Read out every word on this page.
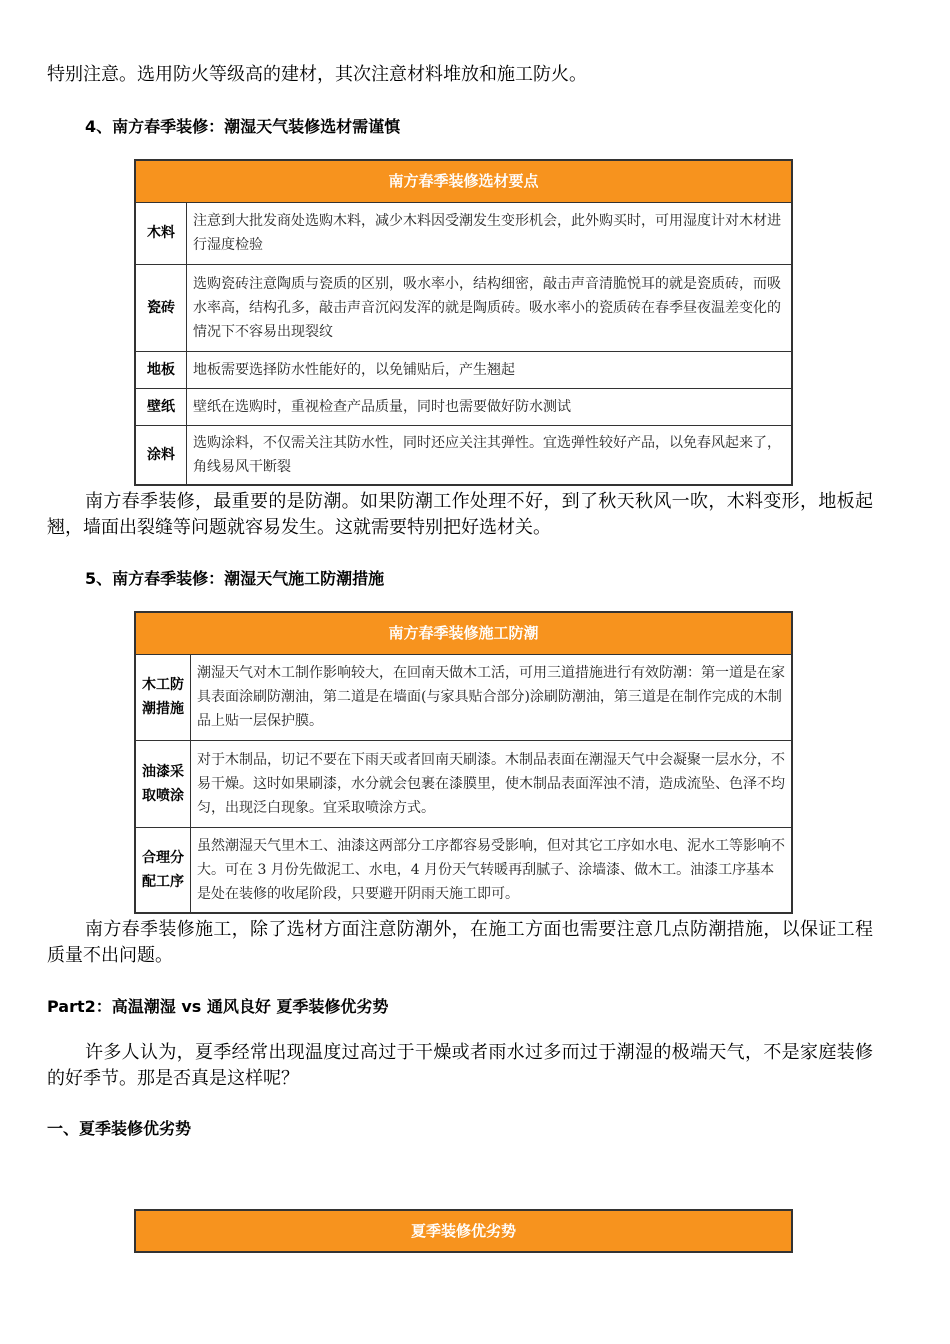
特别注意。选用防火等级高的建材，其次注意材料堆放和施工防火。
4、南方春季装修：潮湿天气装修选材需谨慎
南方春季装修选材要点	
木料	注意到大批发商处选购木料，减少木料因受潮发生变形机会，此外购买时，可用湿度计对木材进行湿度检验
瓷砖	选购瓷砖注意陶质与瓷质的区别，吸水率小，结构细密，敲击声音清脆悦耳的就是瓷质砖，而吸水率高，结构孔多，敲击声音沉闷发浑的就是陶质砖。吸水率小的瓷质砖在春季昼夜温差变化的情况下不容易出现裂纹
地板	地板需要选择防水性能好的，以免铺贴后，产生翘起
壁纸	壁纸在选购时，重视检查产品质量，同时也需要做好防水测试
涂料	选购涂料，不仅需关注其防水性，同时还应关注其弹性。宜选弹性较好产品，以免春风起来了，角线易风干断裂
南方春季装修，最重要的是防潮。如果防潮工作处理不好，到了秋天秋风一吹，木料变形，地板起翘，墙面出裂缝等问题就容易发生。这就需要特别把好选材关。
5、南方春季装修：潮湿天气施工防潮措施
南方春季装修施工防潮	

木工防
潮措施	潮湿天气对木工制作影响较大，在回南天做木工活，可用三道措施进行有效防潮：第一道是在家具表面涂刷防潮油，第二道是在墙面(与家具贴合部分)涂刷防潮油，第三道是在制作完成的木制品上贴一层保护膜。

油漆采
取喷涂	对于木制品，切记不要在下雨天或者回南天刷漆。木制品表面在潮湿天气中会凝聚一层水分，不易干燥。这时如果刷漆，水分就会包裹在漆膜里，使木制品表面浑浊不清，造成流坠、色泽不均匀，出现泛白现象。宜采取喷涂方式。

合理分
配工序	虽然潮湿天气里木工、油漆这两部分工序都容易受影响，但对其它工序如水电、泥水工等影响不大。可在 3 月份先做泥工、水电，4 月份天气转暖再刮腻子、涂墙漆、做木工。油漆工序基本是处在装修的收尾阶段，只要避开阴雨天施工即可。
南方春季装修施工，除了选材方面注意防潮外，在施工方面也需要注意几点防潮措施，以保证工程质量不出问题。
Part2：高温潮湿 vs 通风良好 夏季装修优劣势
许多人认为，夏季经常出现温度过高过于干燥或者雨水过多而过于潮湿的极端天气，不是家庭装修的好季节。那是否真是这样呢？
一、夏季装修优劣势
夏季装修优劣势
